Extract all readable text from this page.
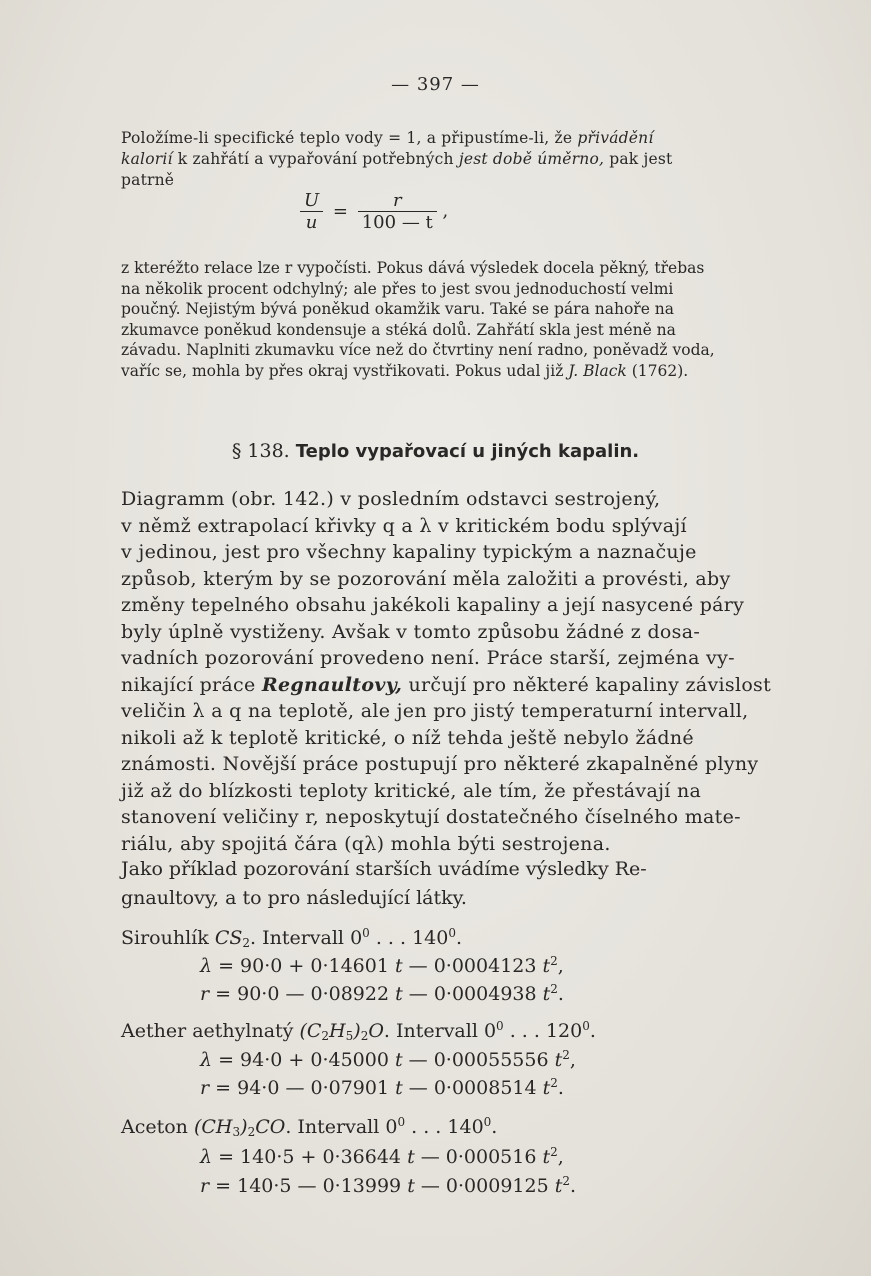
— 397 —
Položíme-li specifické teplo vody = 1, a připustíme-li, že přivádění
kalorií k zahřátí a vypařování potřebných jest době úměrno, pak jest
patrně
$\frac{U}{u} = \frac{r}{100 — t}$ ,
z kteréžto relace lze r vypočísti. Pokus dává výsledek docela pěkný, třebas
na několik procent odchylný; ale přes to jest svou jednoduchostí velmi
poučný. Nejistým bývá poněkud okamžik varu. Také se pára nahoře na
zkumavce poněkud kondensuje a stéká dolů. Zahřátí skla jest méně na
závadu. Naplniti zkumavku více než do čtvrtiny není radno, poněvadž voda,
vaříc se, mohla by přes okraj vystřikovati. Pokus udal již J. Black (1762).
§ 138. Teplo vypařovací u jiných kapalin.
Diagramm (obr. 142.) v posledním odstavci sestrojený,
v němž extrapolací křivky q a λ v kritickém bodu splývají
v jedinou, jest pro všechny kapaliny typickým a naznačuje
způsob, kterým by se pozorování měla založiti a provésti, aby
změny tepelného obsahu jakékoli kapaliny a její nasycené páry
byly úplně vystiženy. Avšak v tomto způsobu žádné z dosa-
vadních pozorování provedeno není. Práce starší, zejména vy-
nikající práce Regnaultovy, určují pro některé kapaliny závislost
veličin λ a q na teplotě, ale jen pro jistý temperaturní intervall,
nikoli až k teplotě kritické, o níž tehda ještě nebylo žádné
známosti. Novější práce postupují pro některé zkapalněné plyny
již až do blízkosti teploty kritické, ale tím, že přestávají na
stanovení veličiny r, neposkytují dostatečného číselného mate-
riálu, aby spojitá čára (qλ) mohla býti sestrojena.
Jako příklad pozorování starších uvádíme výsledky Re-
gnaultovy, a to pro následující látky.
Sirouhlík $CS_2$. Intervall $0^0$ . . . $140^0$.
λ = 90·0 + 0·14601 t — 0·0004123 $t^2$,
r = 90·0 — 0·08922 t — 0·0004938 $t^2$.
Aether aethylnatý $(C_2H_5)_2O$. Intervall $0^0$ . . . $120^0$.
λ = 94·0 + 0·45000 t — 0·00055556 $t^2$,
r = 94·0 — 0·07901 t — 0·0008514 $t^2$.
Aceton $(CH_3)_2CO$. Intervall $0^0$ . . . $140^0$.
λ = 140·5 + 0·36644 t — 0·000516 $t^2$,
r = 140·5 — 0·13999 t — 0·0009125 $t^2$.
